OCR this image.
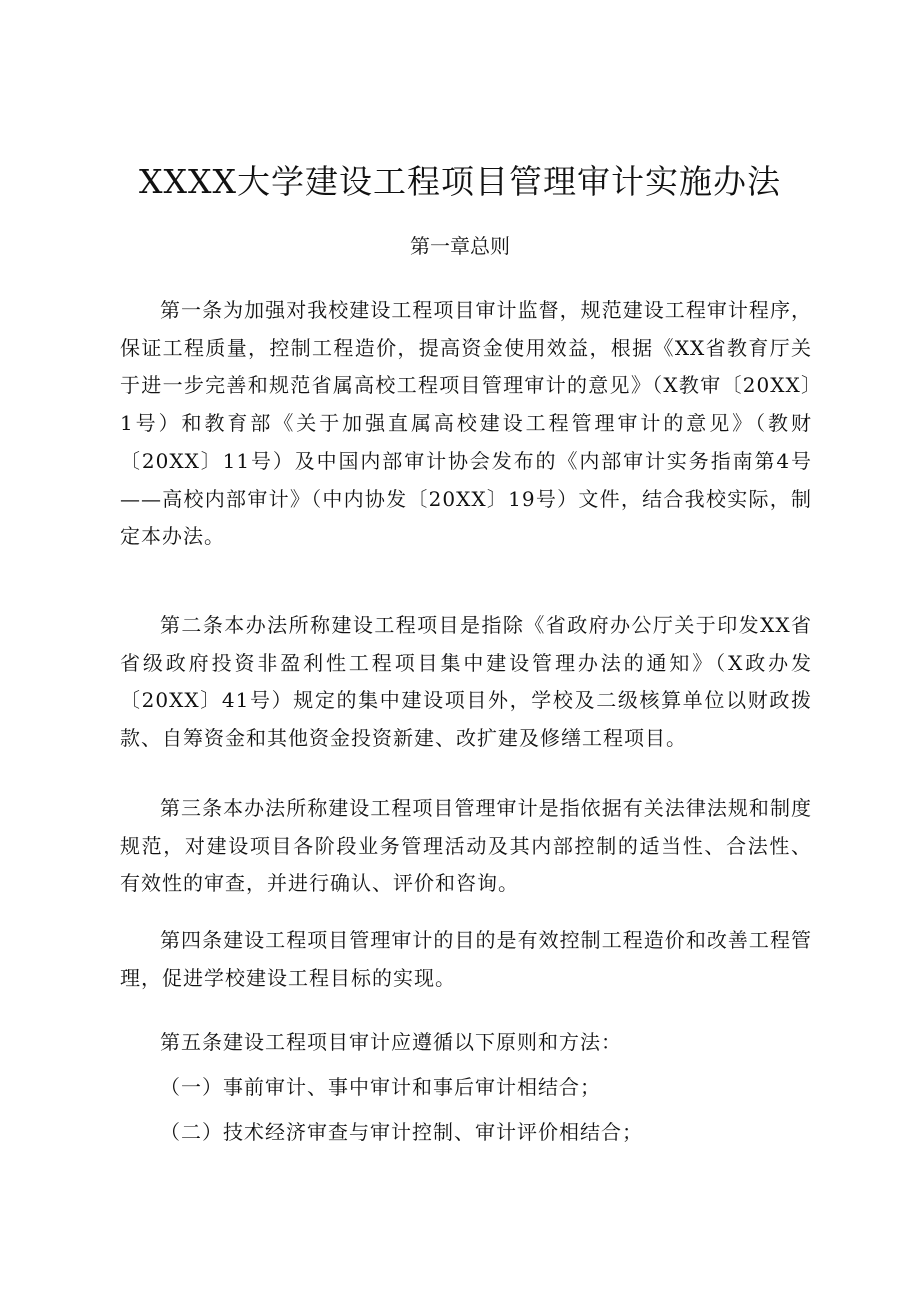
XXXX大学建设工程项目管理审计实施办法
第一章总则

第一条为加强对我校建设工程项目审计监督，规范建设工程审计程序，保证工程质量，控制工程造价，提高资金使用效益，根据《XX省教育厅关于进一步完善和规范省属高校工程项目管理审计的意见》（X教审〔20XX〕1号）和教育部《关于加强直属高校建设工程管理审计的意见》（教财〔20XX〕11号）及中国内部审计协会发布的《内部审计实务指南第4号——高校内部审计》（中内协发〔20XX〕19号）文件，结合我校实际，制定本办法。

第二条本办法所称建设工程项目是指除《省政府办公厅关于印发XX省省级政府投资非盈利性工程项目集中建设管理办法的通知》（X政办发〔20XX〕41号）规定的集中建设项目外，学校及二级核算单位以财政拨款、自筹资金和其他资金投资新建、改扩建及修缮工程项目。

第三条本办法所称建设工程项目管理审计是指依据有关法律法规和制度规范，对建设项目各阶段业务管理活动及其内部控制的适当性、合法性、有效性的审查，并进行确认、评价和咨询。

第四条建设工程项目管理审计的目的是有效控制工程造价和改善工程管理，促进学校建设工程目标的实现。

第五条建设工程项目审计应遵循以下原则和方法：

（一）事前审计、事中审计和事后审计相结合；

（二）技术经济审查与审计控制、审计评价相结合；
